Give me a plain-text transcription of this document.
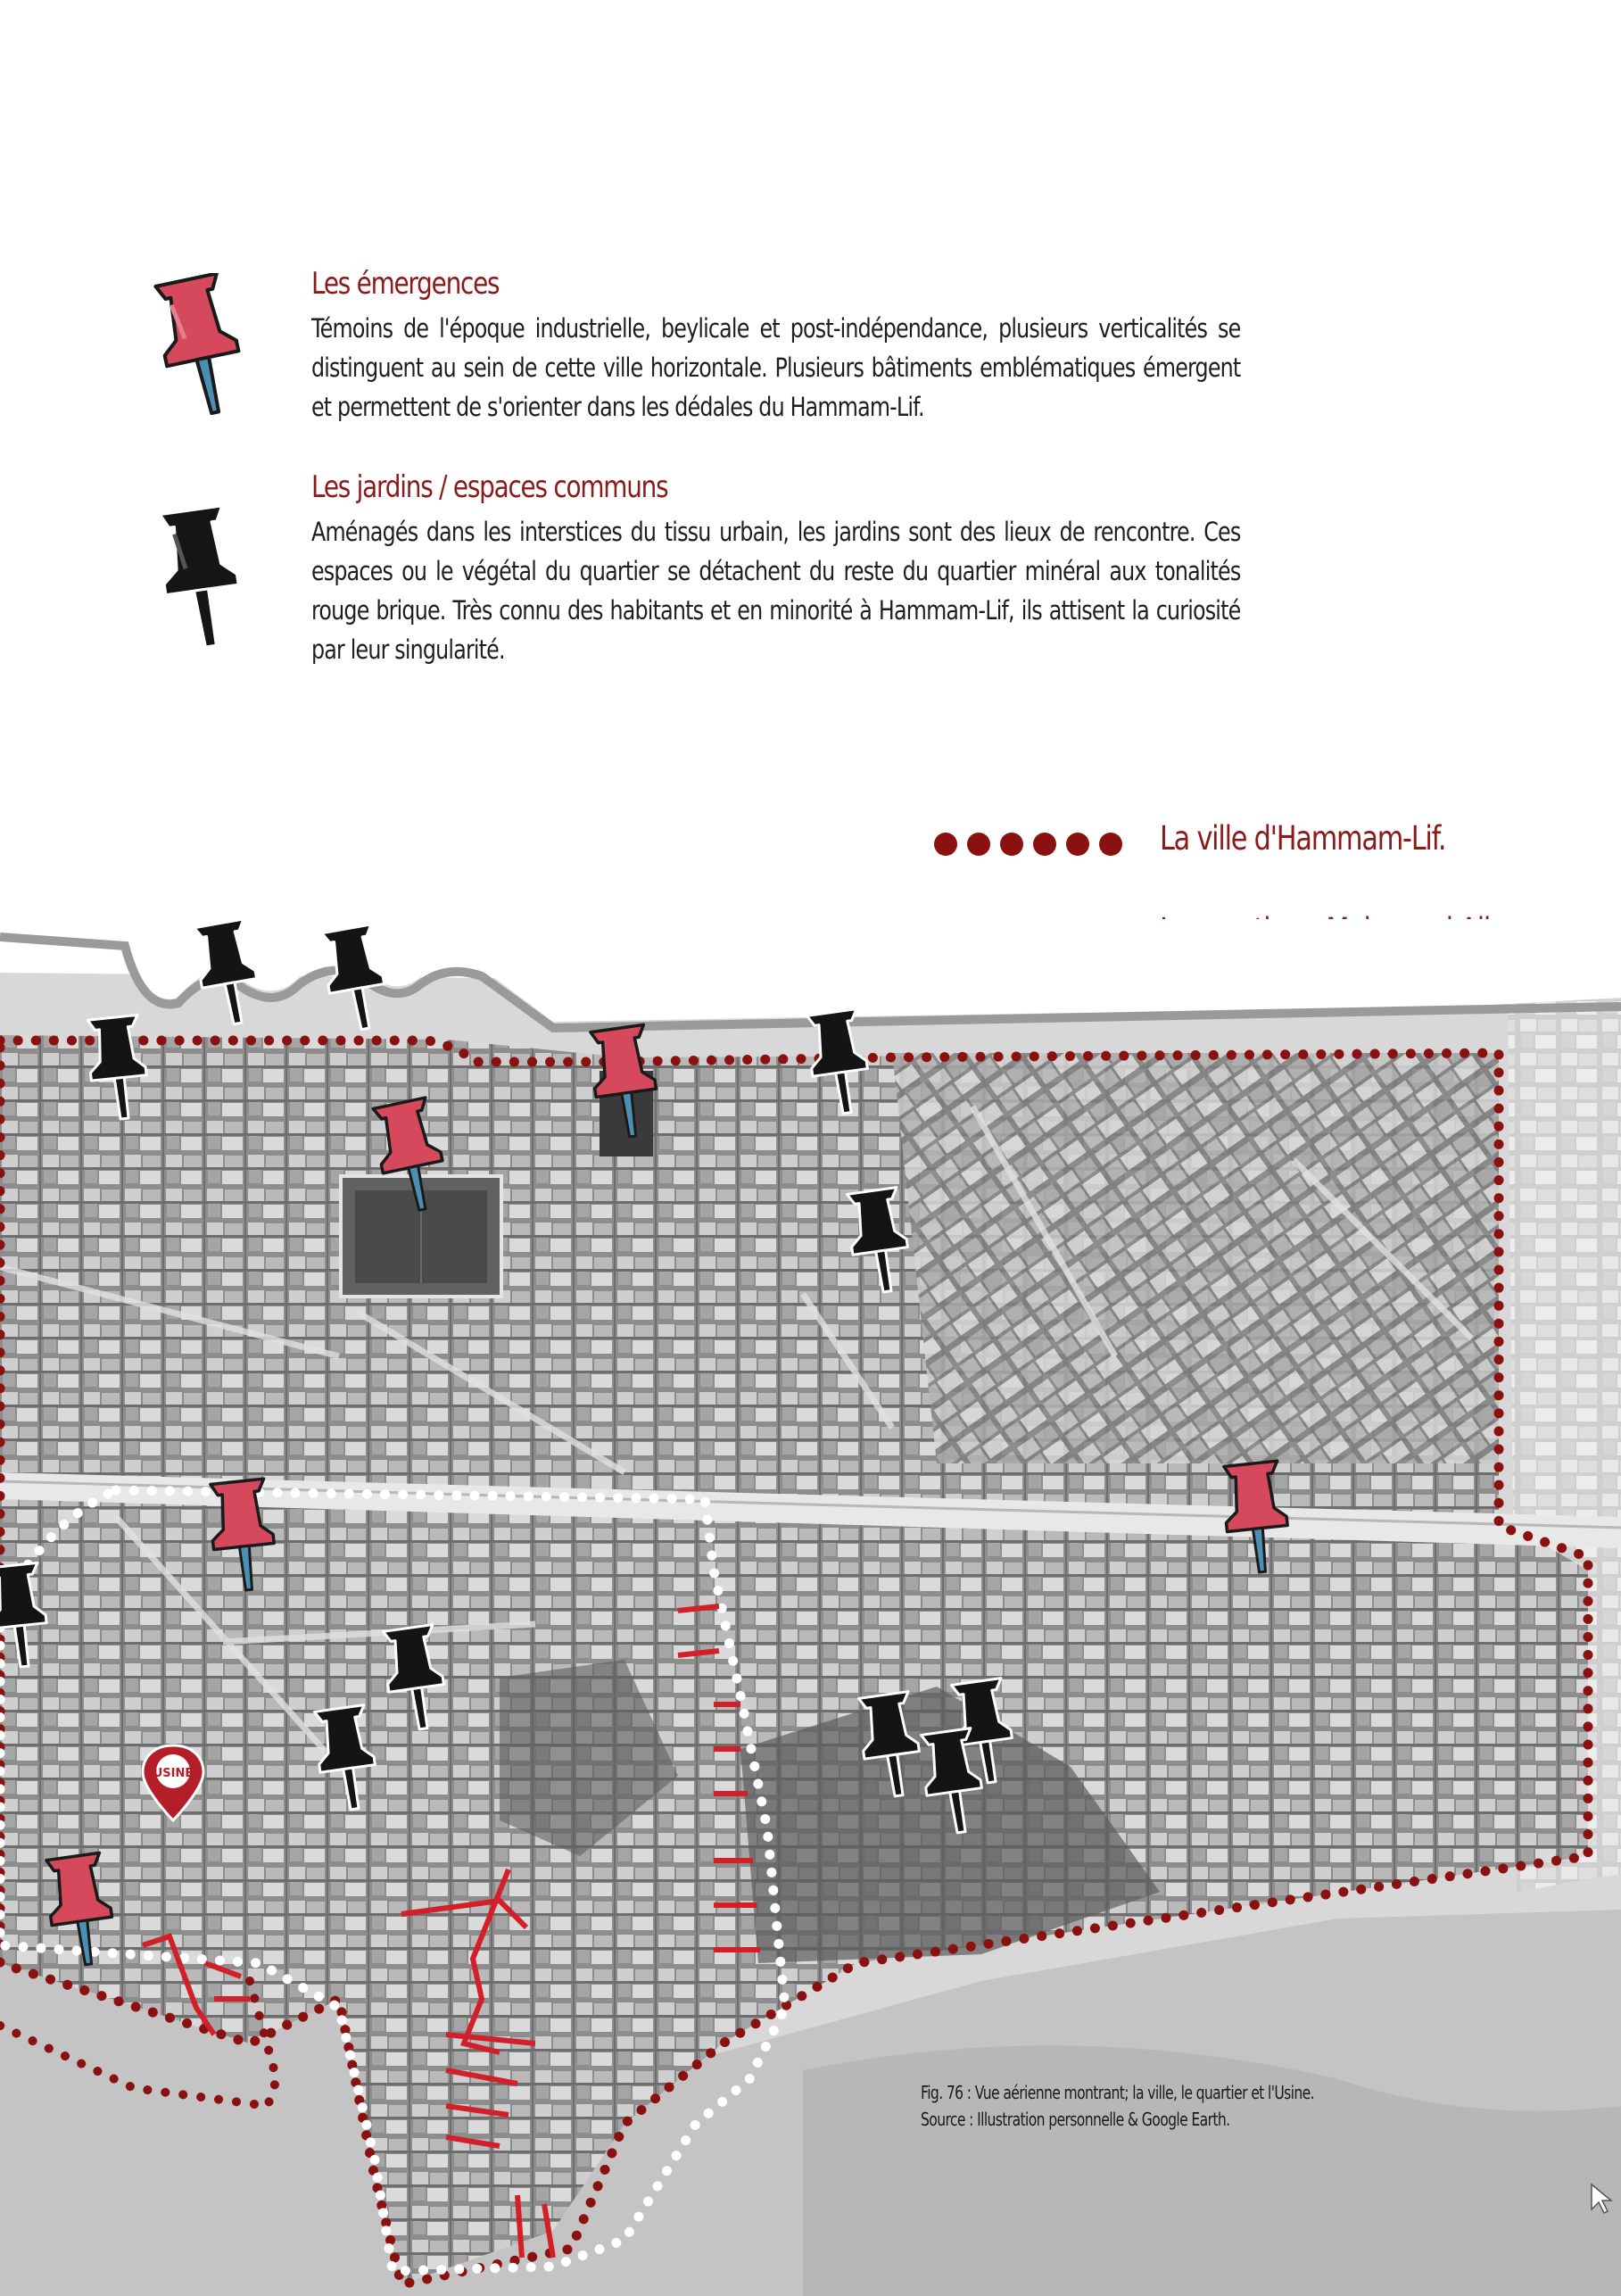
Les émergences
Témoins de l'époque industrielle, beylicale et post-indépendance, plusieurs verticalités se distinguent au sein de cette ville horizontale. Plusieurs bâtiments emblématiques émergent et permettent de s'orienter dans les dédales du Hammam-Lif.
Les jardins / espaces communs
Aménagés dans les interstices du tissu urbain, les jardins sont des lieux de rencontre. Ces espaces ou le végétal du quartier se détachent du reste du quartier minéral aux tonalités rouge brique. Très connu des habitants et en minorité à Hammam-Lif, ils attisent la curiosité par leur singularité.
La ville d'Hammam-Lif.
USINE
Fig. 76 : Vue aérienne montrant; la ville, le quartier et l'Usine.
Source : Illustration personnelle & Google Earth.
